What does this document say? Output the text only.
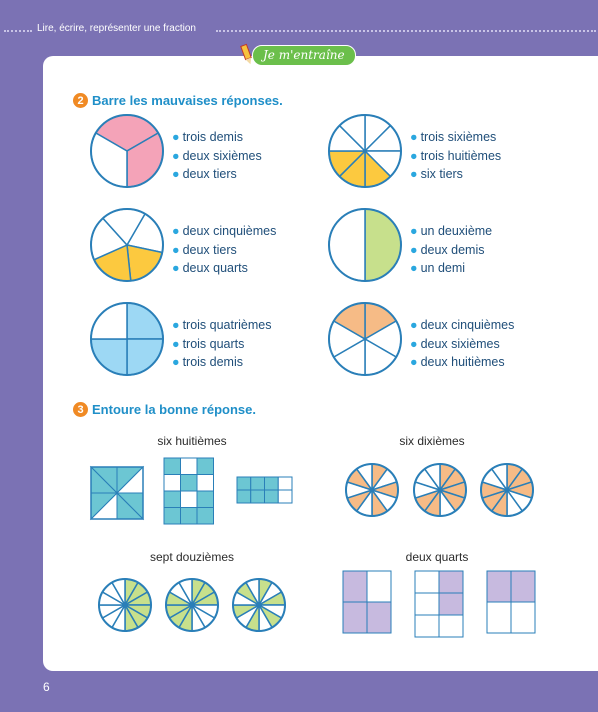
Lire, écrire, représenter une fraction
Je m'entraîne
2 Barre les mauvaises réponses.
● trois demis
● deux sixièmes
● deux tiers
● trois sixièmes
● trois huitièmes
● six tiers
● deux cinquièmes
● deux tiers
● deux quarts
● un deuxième
● deux demis
● un demi
● trois quatrièmes
● trois quarts
● trois demis
● deux cinquièmes
● deux sixièmes
● deux huitièmes
3 Entoure la bonne réponse.
six huitièmes	six dixièmes
sept douzièmes	deux quarts
6
